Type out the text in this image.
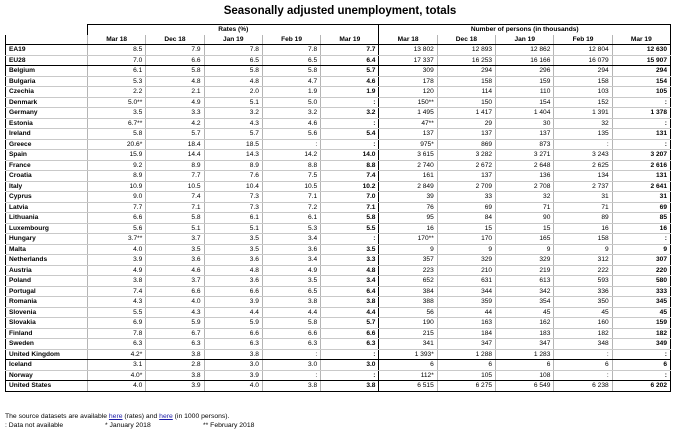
Seasonally adjusted unemployment, totals
	Rates (%)					Number of persons (in thousands)				
	Mar 18	Dec 18	Jan 19	Feb 19	Mar 19	Mar 18	Dec 18	Jan 19	Feb 19	Mar 19
EA19	8.5	7.9	7.8	7.8	7.7	13 802	12 893	12 862	12 804	12 630
EU28	7.0	6.6	6.5	6.5	6.4	17 337	16 253	16 166	16 079	15 907
Belgium	6.1	5.8	5.8	5.8	5.7	309	294	296	294	294
Bulgaria	5.3	4.8	4.8	4.7	4.6	178	158	159	158	154
Czechia	2.2	2.1	2.0	1.9	1.9	120	114	110	103	105
Denmark	5.0**	4.9	5.1	5.0	:	150**	150	154	152	:
Germany	3.5	3.3	3.2	3.2	3.2	1 495	1 417	1 404	1 391	1 378
Estonia	6.7**	4.2	4.3	4.6	:	47**	29	30	32	:
Ireland	5.8	5.7	5.7	5.6	5.4	137	137	137	135	131
Greece	20.6*	18.4	18.5	:	:	975*	869	873	:	:
Spain	15.9	14.4	14.3	14.2	14.0	3 615	3 282	3 271	3 243	3 207
France	9.2	8.9	8.9	8.8	8.8	2 740	2 672	2 648	2 625	2 616
Croatia	8.9	7.7	7.6	7.5	7.4	161	137	136	134	131
Italy	10.9	10.5	10.4	10.5	10.2	2 849	2 709	2 708	2 737	2 641
Cyprus	9.0	7.4	7.3	7.1	7.0	39	33	32	31	31
Latvia	7.7	7.1	7.3	7.2	7.1	76	69	71	71	69
Lithuania	6.6	5.8	6.1	6.1	5.8	95	84	90	89	85
Luxembourg	5.6	5.1	5.1	5.3	5.5	16	15	15	16	16
Hungary	3.7**	3.7	3.5	3.4	:	170**	170	165	158	:
Malta	4.0	3.5	3.5	3.6	3.5	9	9	9	9	9
Netherlands	3.9	3.6	3.6	3.4	3.3	357	329	329	312	307
Austria	4.9	4.6	4.8	4.9	4.8	223	210	219	222	220
Poland	3.8	3.7	3.6	3.5	3.4	652	631	613	593	580
Portugal	7.4	6.6	6.6	6.5	6.4	384	344	342	336	333
Romania	4.3	4.0	3.9	3.8	3.8	388	359	354	350	345
Slovenia	5.5	4.3	4.4	4.4	4.4	56	44	45	45	45
Slovakia	6.9	5.9	5.9	5.8	5.7	190	163	162	160	159
Finland	7.8	6.7	6.6	6.6	6.6	215	184	183	182	182
Sweden	6.3	6.3	6.3	6.3	6.3	341	347	347	348	349
United Kingdom	4.2*	3.8	3.8	:	:	1 393*	1 288	1 283	:	:
Iceland	3.1	2.8	3.0	3.0	3.0	6	6	6	6	6
Norway	4.0*	3.8	3.9	:	:	112*	105	108	:	:
United States	4.0	3.9	4.0	3.8	3.8	6 515	6 275	6 549	6 238	6 202
The source datasets are available here (rates) and here (in 1000 persons).
: Data not available	* January 2018	** February 2018
